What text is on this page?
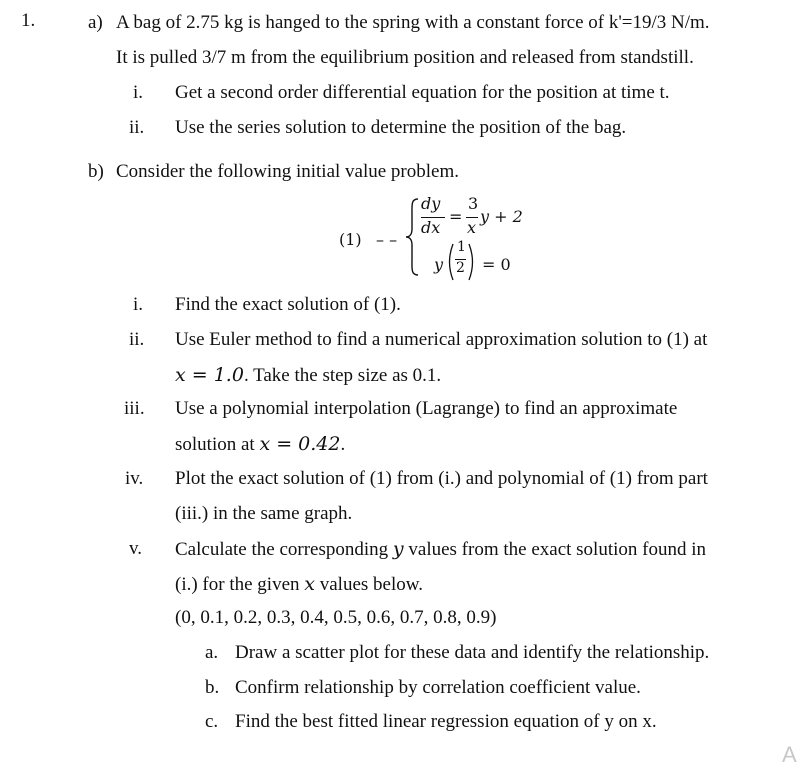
1.	a) A bag of 2.75 kg is hanged to the spring with a constant force of k'=19/3 N/m.
It is pulled 3/7 m from the equilibrium position and released from standstill.
i. Get a second order differential equation for the position at time t.
ii. Use the series solution to determine the position of the bag.
b) Consider the following initial value problem.
(1) – –
dy
dx
=
3
x
y + 2
y
1
2 = 0
i. Find the exact solution of (1).
ii. Use Euler method to find a numerical approximation solution to (1) at
x = 1.0. Take the step size as 0.1.
iii. Use a polynomial interpolation (Lagrange) to find an approximate
solution at x = 0.42.
iv. Plot the exact solution of (1) from (i.) and polynomial of (1) from part
(iii.) in the same graph.
v. Calculate the corresponding y values from the exact solution found in
(i.) for the given x values below.
(0, 0.1, 0.2, 0.3, 0.4, 0.5, 0.6, 0.7, 0.8, 0.9)
a. Draw a scatter plot for these data and identify the relationship.
b. Confirm relationship by correlation coefficient value.
c. Find the best fitted linear regression equation of y on x.
A
